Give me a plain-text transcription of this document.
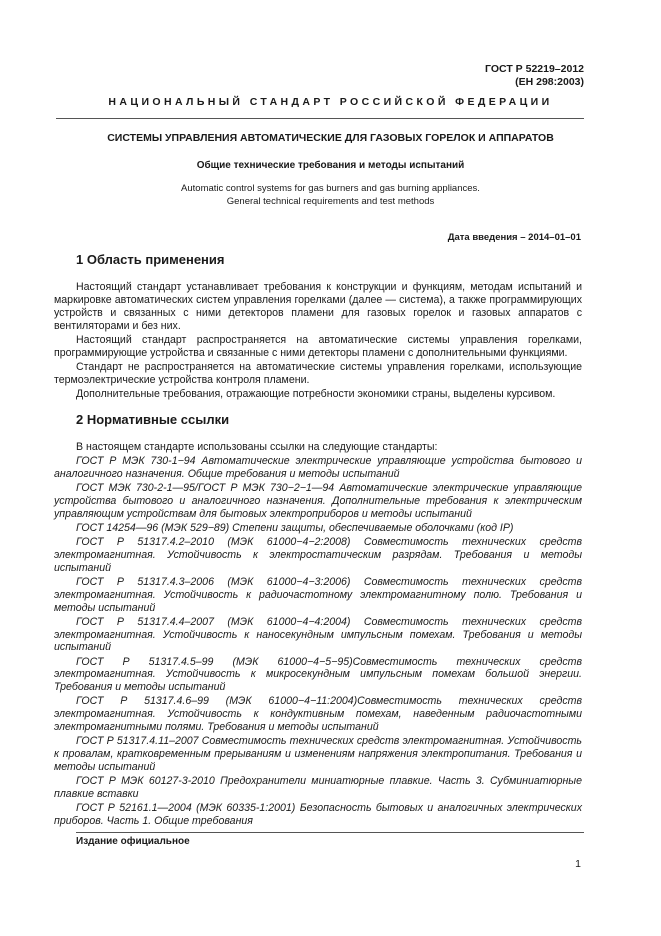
ГОСТ Р 52219–2012
(EH 298:2003)
НАЦИОНАЛЬНЫЙ СТАНДАРТ РОССИЙСКОЙ ФЕДЕРАЦИИ
СИСТЕМЫ УПРАВЛЕНИЯ АВТОМАТИЧЕСКИЕ ДЛЯ ГАЗОВЫХ ГОРЕЛОК И АППАРАТОВ
Общие технические требования и методы испытаний
Automatic control systems for gas burners and gas burning appliances.
General technical requirements and test methods
Дата введения – 2014–01–01
1 Область применения

Настоящий стандарт устанавливает требования к конструкции и функциям, методам испытаний и маркировке автоматических систем управления горелками (далее — система), а также программирующих устройств и связанных с ними детекторов пламени для газовых горелок и газовых аппаратов с вентиляторами и без них.

Настоящий стандарт распространяется на автоматические системы управления горелками, программирующие устройства и связанные с ними детекторы пламени с дополнительными функциями.

Стандарт не распространяется на автоматические системы управления горелками, использующие термоэлектрические устройства контроля пламени.

Дополнительные требования, отражающие потребности экономики страны, выделены курсивом.

2 Нормативные ссылки

В настоящем стандарте использованы ссылки на следующие стандарты:

ГОСТ Р МЭК 730-1−94 Автоматические электрические управляющие устройства бытового и аналогичного назначения. Общие требования и методы испытаний

ГОСТ МЭК 730-2-1—95/ГОСТ Р МЭК 730−2−1—94 Автоматические электрические управляющие устройства бытового и аналогичного назначения. Дополнительные требования к электрическим управляющим устройствам для бытовых электроприборов и методы испытаний

ГОСТ 14254—96 (МЭК 529−89) Степени защиты, обеспечиваемые оболочками (код IP)

ГОСТ Р 51317.4.2–2010 (МЭК 61000−4−2:2008) Совместимость технических средств электромагнитная. Устойчивость к электростатическим разрядам. Требования и методы испытаний

ГОСТ Р 51317.4.3–2006 (МЭК 61000−4−3:2006) Совместимость технических средств электромагнитная. Устойчивость к радиочастотному электромагнитному полю. Требования и методы испытаний

ГОСТ Р 51317.4.4–2007 (МЭК 61000−4−4:2004) Совместимость технических средств электромагнитная. Устойчивость к наносекундным импульсным помехам. Требования и методы испытаний

ГОСТ Р 51317.4.5–99 (МЭК 61000−4−5−95)Совместимость технических средств электромагнитная. Устойчивость к микросекундным импульсным помехам большой энергии. Требования и методы испытаний

ГОСТ Р 51317.4.6–99 (МЭК 61000−4−11:2004)Совместимость технических средств электромагнитная. Устойчивость к кондуктивным помехам, наведенным радиочастотными электромагнитными полями. Требования и методы испытаний

ГОСТ Р 51317.4.11–2007 Совместимость технических средств электромагнитная. Устойчивость к провалам, кратковременным прерываниям и изменениям напряжения электропитания. Требования и методы испытаний

ГОСТ Р МЭК 60127-3-2010 Предохранители миниатюрные плавкие. Часть 3. Субминиатюрные плавкие вставки

ГОСТ Р 52161.1—2004 (МЭК 60335-1:2001) Безопасность бытовых и аналогичных электрических приборов. Часть 1. Общие требования

Издание официальное
1
